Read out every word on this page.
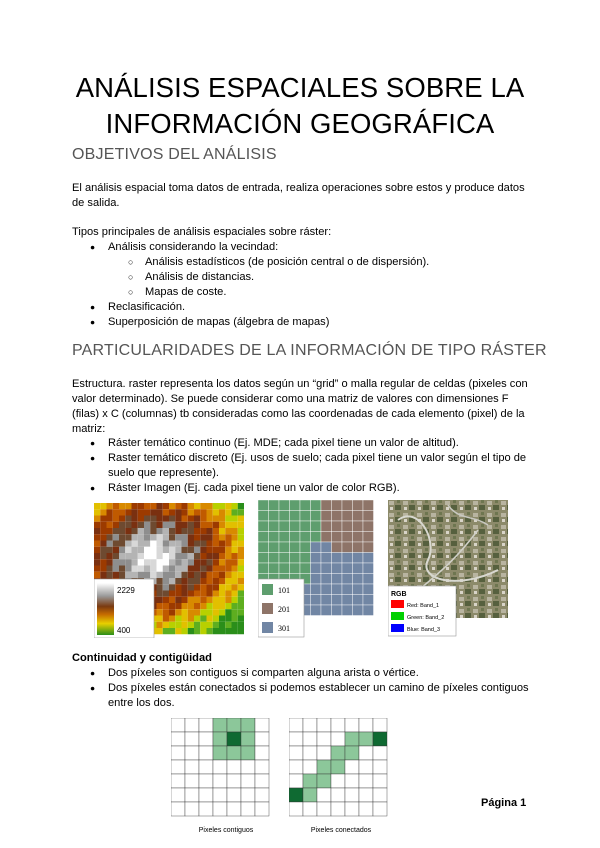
ANÁLISIS ESPACIALES SOBRE LA
INFORMACIÓN GEOGRÁFICA
OBJETIVOS DEL ANÁLISIS

El análisis espacial toma datos de entrada, realiza operaciones sobre estos y produce datos de salida.

Tipos principales de análisis espaciales sobre ráster:

● Análisis considerando la vecindad:
○ Análisis estadísticos (de posición central o de dispersión).
○ Análisis de distancias.
○ Mapas de coste.
● Reclasificación.
● Superposición de mapas (álgebra de mapas)
PARTICULARIDADES DE LA INFORMACIÓN DE TIPO RÁSTER

Estructura. raster representa los datos según un “grid” o malla regular de celdas (pixeles con valor determinado). Se puede considerar como una matriz de valores con dimensiones F (filas) x C (columnas) tb consideradas como las coordenadas de cada elemento (pixel) de la matriz:

● Ráster temático continuo (Ej. MDE; cada pixel tiene un valor de altitud).
● Raster temático discreto (Ej. usos de suelo; cada pixel tiene un valor según el tipo de suelo que represente).
● Ráster Imagen (Ej. cada pixel tiene un valor de color RGB).
2229
400
101
201
301
RGB
Red: Band_1
Green: Band_2
Blue: Band_3
Continuidad y contigüidad
● Dos píxeles son contiguos si comparten alguna arista o vértice.
● Dos píxeles están conectados si podemos establecer un camino de píxeles contiguos entre los dos.
Pixeles contiguos	Pixeles conectados
Página 1
